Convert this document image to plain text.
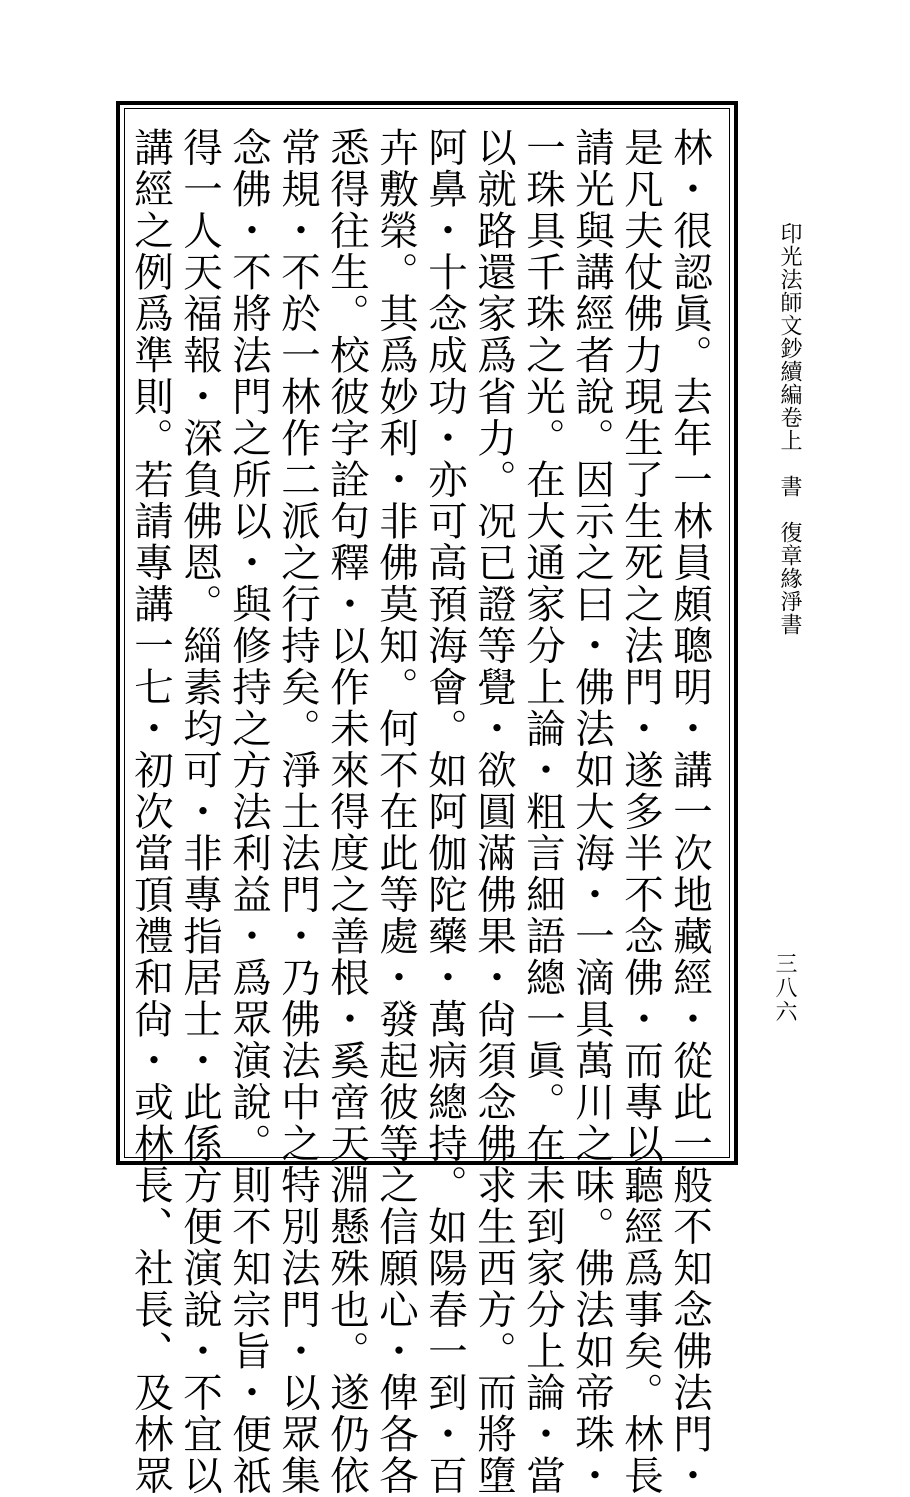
印光法師文鈔續編卷上　書　復章緣淨書
林・很認眞。去年一林員頗聰明・講一次地藏經・從此一般不知念佛法門・
是凡夫仗佛力現生了生死之法門・遂多半不念佛・而專以聽經爲事矣。林長
請光與講經者說。因示之曰・佛法如大海・一滴具萬川之味。佛法如帝珠・
一珠具千珠之光。在大通家分上論・粗言細語總一眞。在未到家分上論・當
以就路還家爲省力。况已證等覺・欲圓滿佛果・尙須念佛求生西方。而將墮
阿鼻・十念成功・亦可高預海會。如阿伽陀藥・萬病總持。如陽春一到・百
卉敷榮。其爲妙利・非佛莫知。何不在此等處・發起彼等之信願心・俾各各
悉得往生。校彼字詮句釋・以作未來得度之善根・奚啻天淵懸殊也。遂仍依
常規・不於一林作二派之行持矣。淨土法門・乃佛法中之特別法門・以眾集
念佛・不將法門之所以・與修持之方法利益・爲眾演說。則不知宗旨・便祇
得一人天福報・深負佛恩。緇素均可・非專指居士・此係方便演說・不宜以
講經之例爲準則。若請專講一七・初次當頂禮和尙・或林長、社長、及林眾	三八六
